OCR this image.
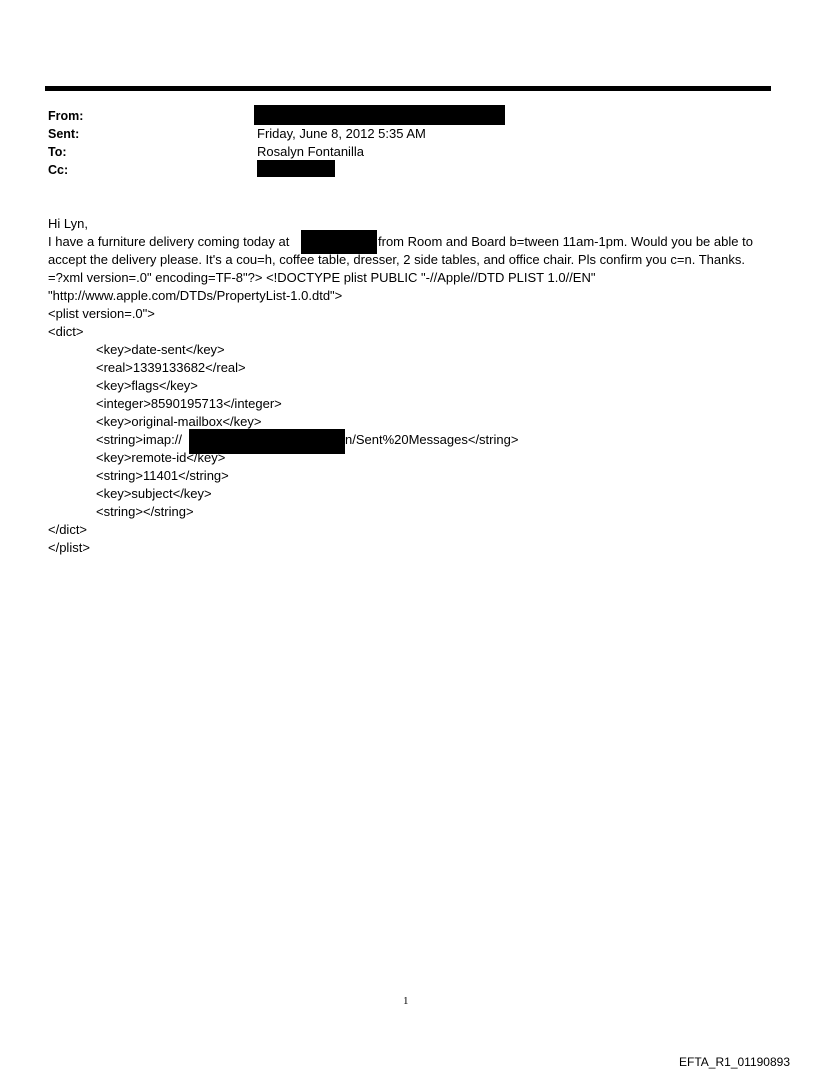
From:
Sent:	Friday, June 8, 2012 5:35 AM
To:	Rosalyn Fontanilla
Cc:
Hi Lyn,
I have a furniture delivery coming today at	from Room and Board b=tween 11am-1pm. Would you be able to
accept the delivery please. It's a cou=h, coffee table, dresser, 2 side tables, and office chair. Pls confirm you c=n. Thanks.
=?xml version=.0" encoding=TF-8"?> <!DOCTYPE plist PUBLIC "-//Apple//DTD PLIST 1.0//EN"
"http://www.apple.com/DTDs/PropertyList-1.0.dtd">
<plist version=.0">
<dict>
<key>date-sent</key>
<real>1339133682</real>
<key>flags</key>
<integer>8590195713</integer>
<key>original-mailbox</key>
<string>imap://	n/Sent%20Messages</string>
<key>remote-id</key>
<string>11401</string>
<key>subject</key>
<string></string>
</dict>
</plist>
1
EFTA_R1_01190893
